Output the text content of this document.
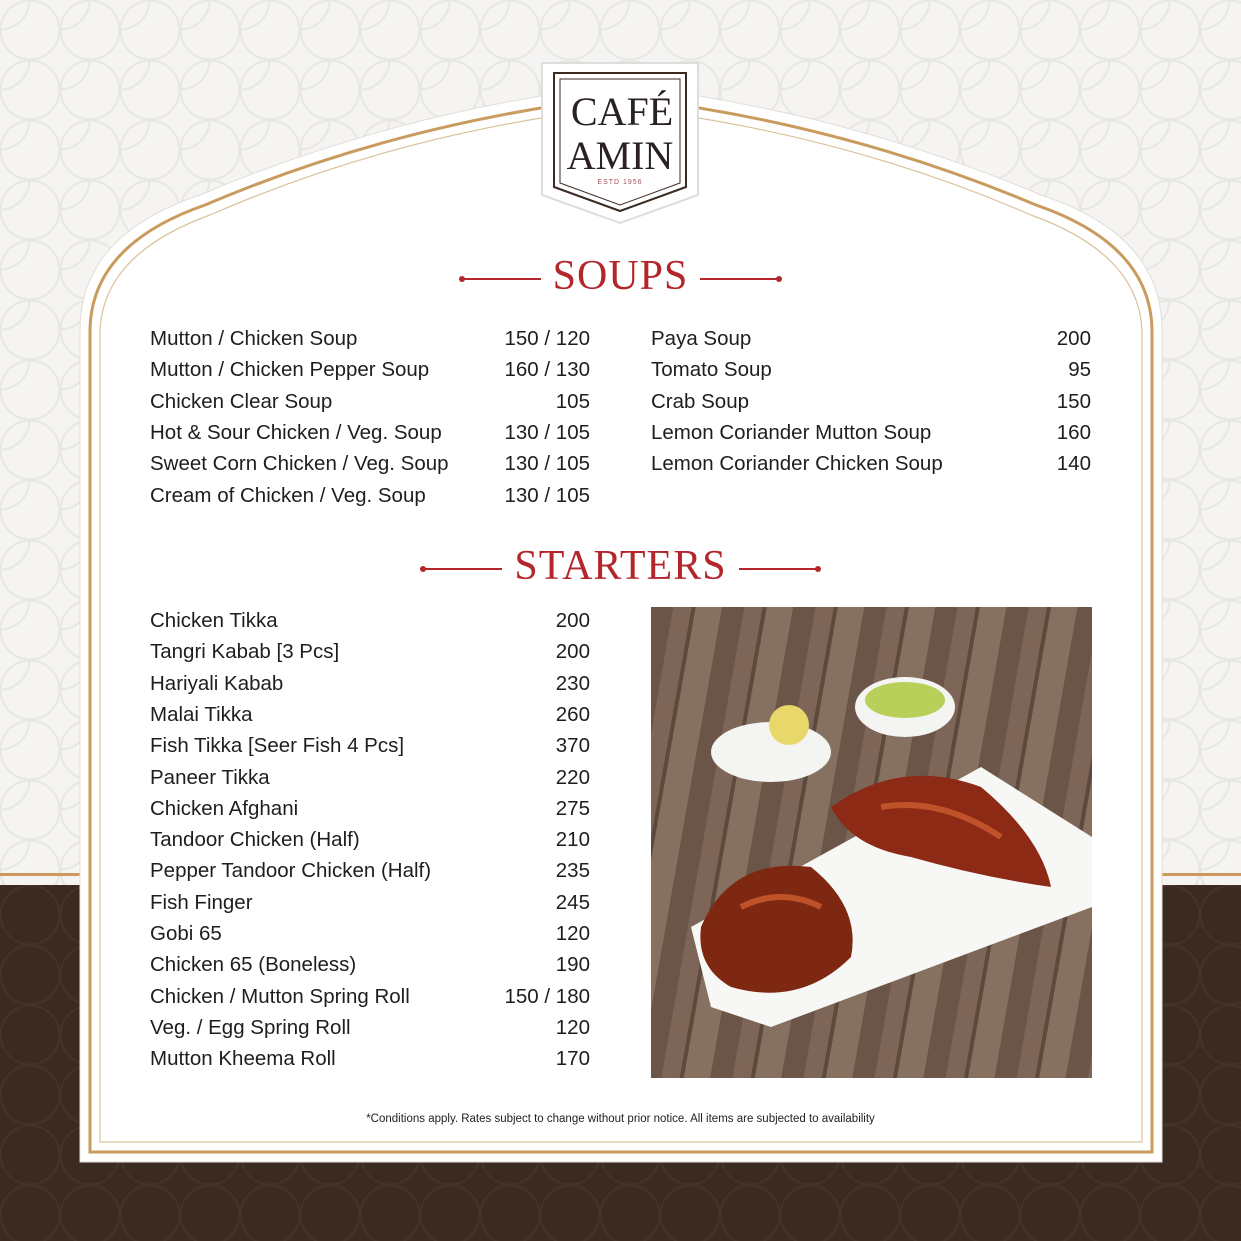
CAFÉ
AMIN
ESTD 1956
SOUPS
Mutton / Chicken Soup	150 / 120
Mutton / Chicken Pepper Soup	160 / 130
Chicken Clear Soup	105
Hot & Sour Chicken / Veg. Soup	130 / 105
Sweet Corn Chicken / Veg. Soup	130 / 105
Cream of Chicken / Veg. Soup	130 / 105
Paya Soup	200
Tomato Soup	95
Crab Soup	150
Lemon Coriander Mutton Soup	160
Lemon Coriander Chicken Soup	140
STARTERS
Chicken Tikka	200
Tangri Kabab [3 Pcs]	200
Hariyali Kabab	230
Malai Tikka	260
Fish Tikka [Seer Fish 4 Pcs]	370
Paneer Tikka	220
Chicken Afghani	275
Tandoor Chicken (Half)	210
Pepper Tandoor Chicken (Half)	235
Fish Finger	245
Gobi 65	120
Chicken 65 (Boneless)	190
Chicken / Mutton Spring Roll	150 / 180
Veg. / Egg Spring Roll	120
Mutton Kheema Roll	170
*Conditions apply. Rates subject to change without prior notice. All items are subjected to availability
